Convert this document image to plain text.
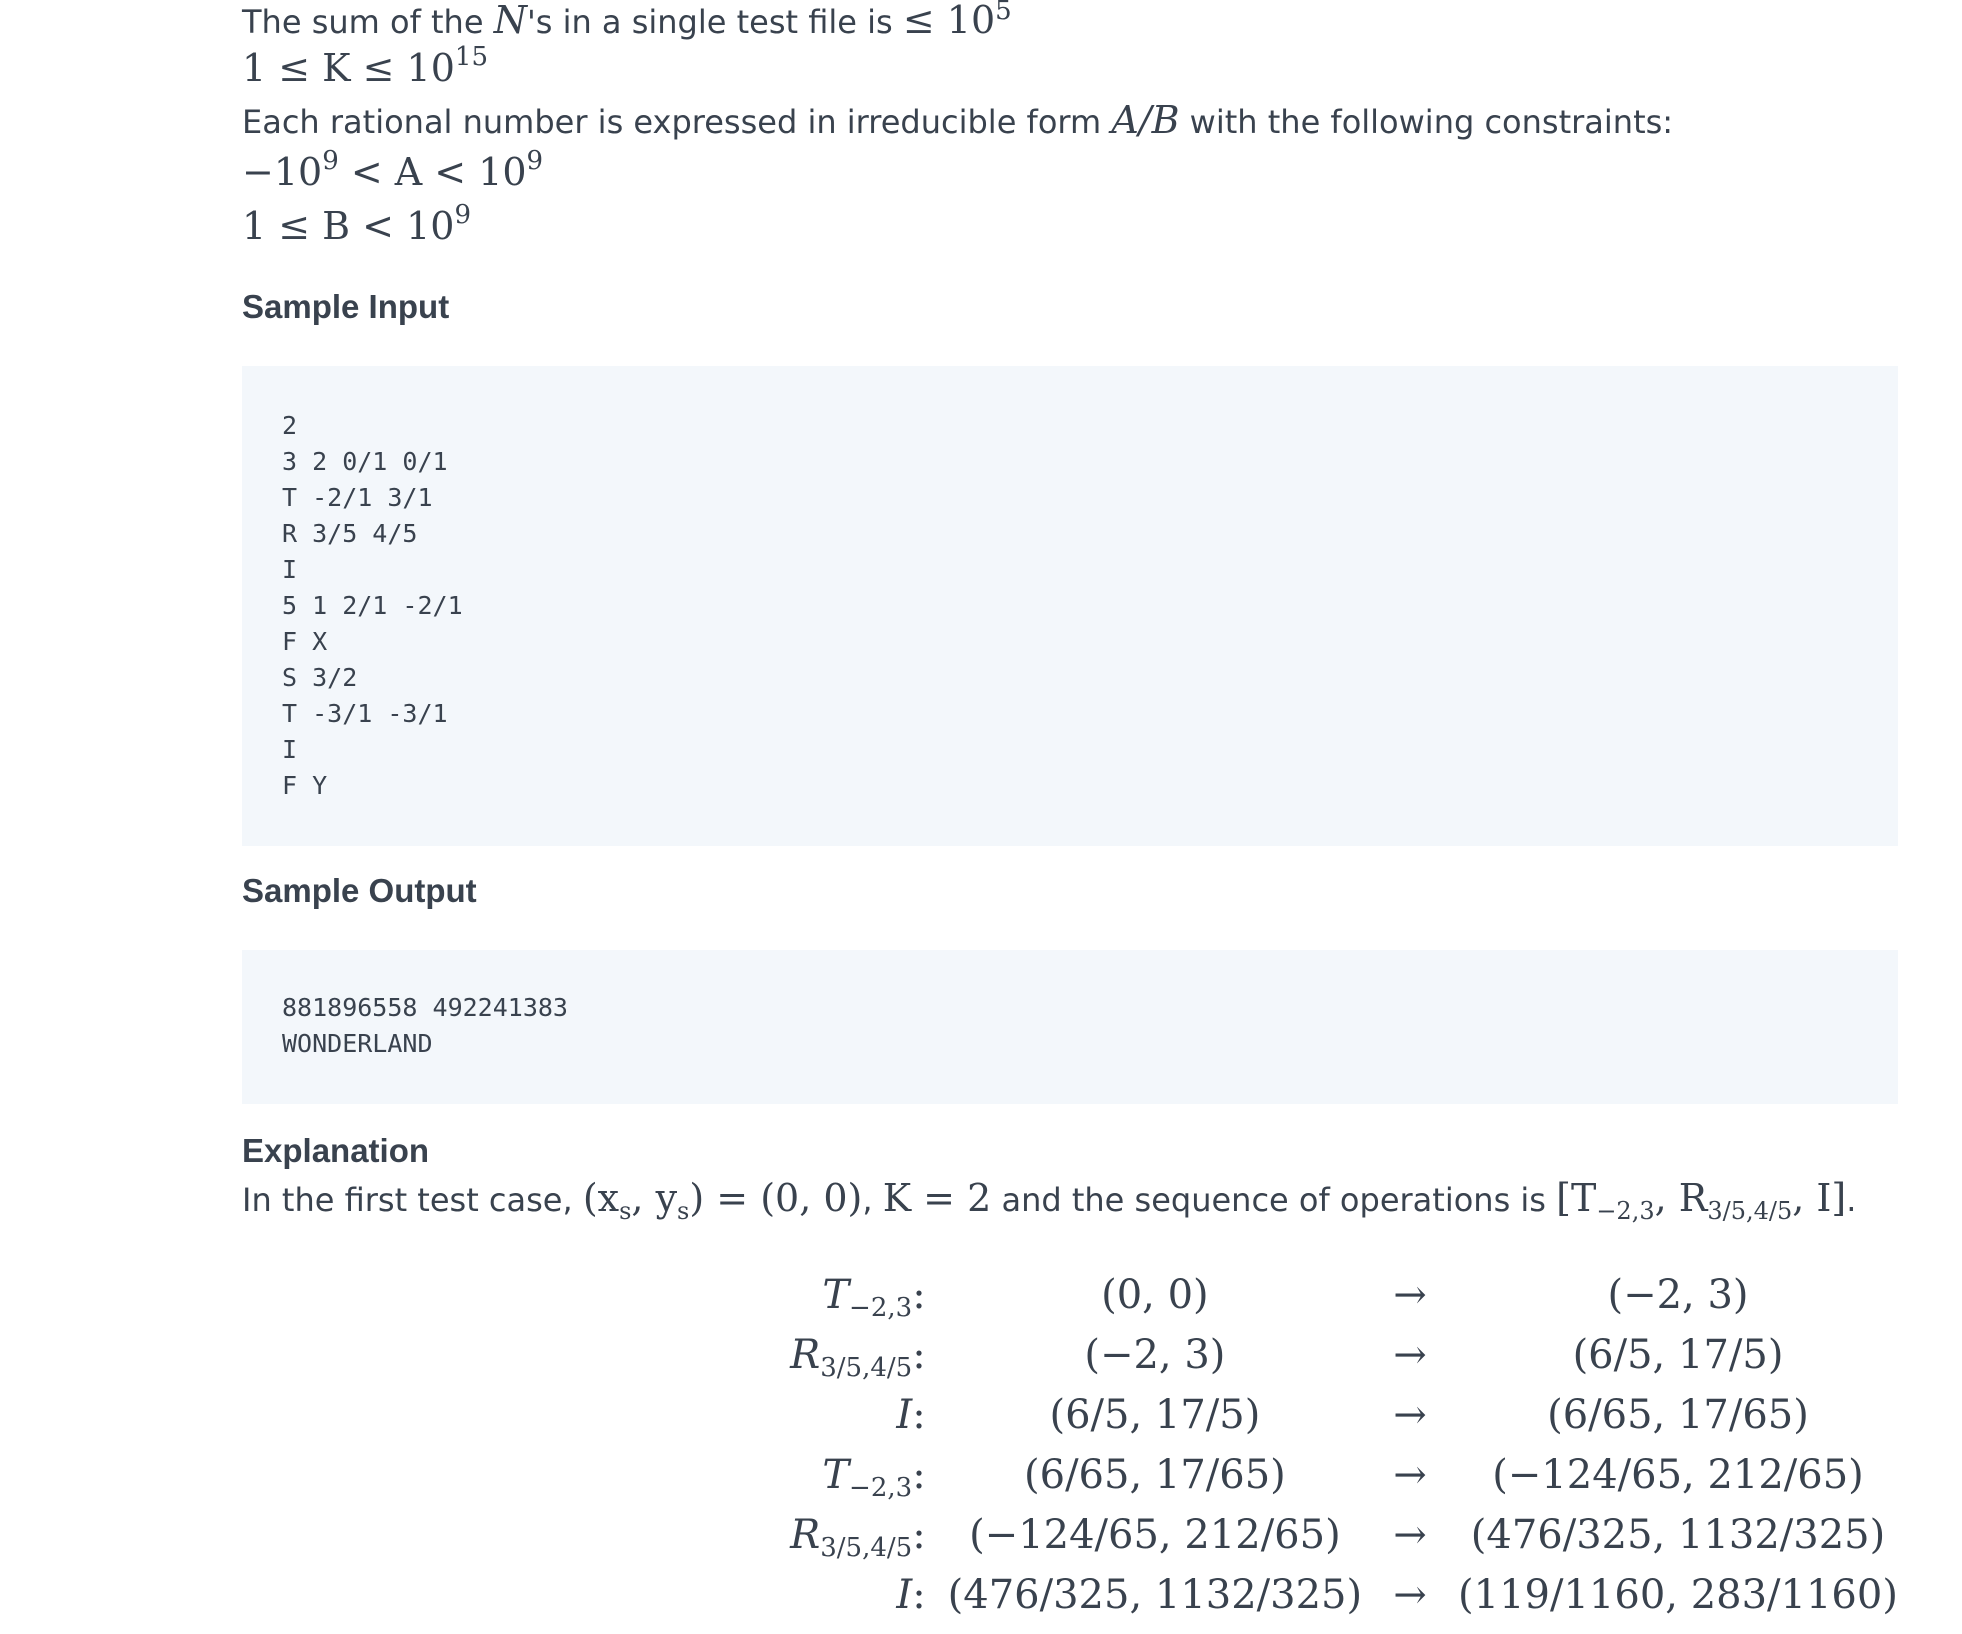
The sum of the N's in a single test file is ≤ $10^5$
$1 \le K \le 10^{15}$
Each rational number is expressed in irreducible form A/B with the following constraints:
$-10^9 < A < 10^9$
$1 \le B < 10^9$
Sample Input
2
3 2 0/1 0/1
T -2/1 3/1
R 3/5 4/5
I
5 1 2/1 -2/1
F X
S 3/2
T -3/1 -3/1
I
F Y
Sample Output
881896558 492241383
WONDERLAND
Explanation
In the first test case, ($x_s$, $y_s) = (0$, 0), K = 2 and the sequence of operations is [$T_{-2,3}$, $R_{3/5,4/5}$, I].
$T_{-2,3}$:	(0, 0)	→	(−2, 3)
$R_{3/5,4/5}$:	(−2, 3)	→	(6/5, 17/5)
I:	(6/5, 17/5)	→	(6/65, 17/65)
$T_{-2,3}$:	(6/65, 17/65)	→	(−124/65, 212/65)
$R_{3/5,4/5}$:	(−124/65, 212/65)	→	(476/325, 1132/325)
I:	(476/325, 1132/325)	→	(119/1160, 283/1160)
